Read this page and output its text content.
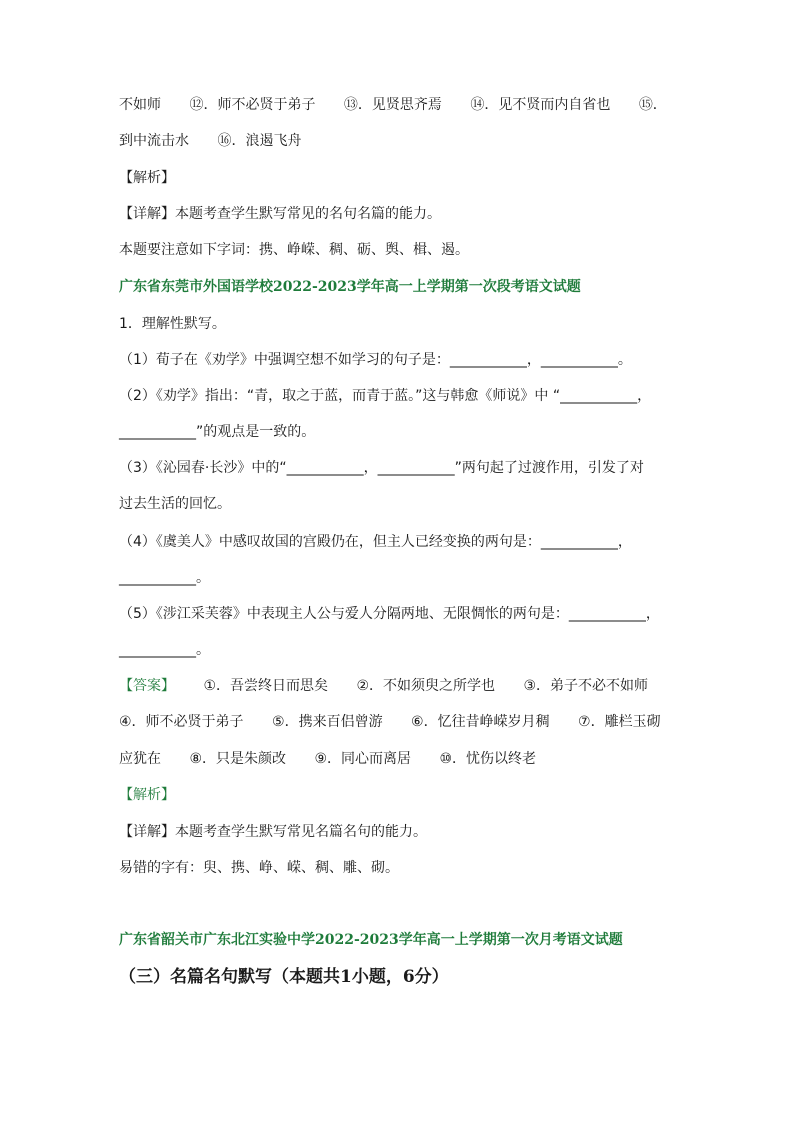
不如师 ⑫．师不必贤于弟子 ⑬．见贤思齐焉 ⑭．见不贤而内自省也 ⑮．
到中流击水 ⑯．浪遏飞舟
【解析】
【详解】本题考查学生默写常见的名句名篇的能力。
本题要注意如下字词：携、峥嵘、稠、砺、舆、楫、遏。
广东省东莞市外国语学校2022-2023学年高一上学期第一次段考语文试题
1．理解性默写。
（1）荀子在《劝学》中强调空想不如学习的句子是：___________，___________。
（2）《劝学》指出：“青，取之于蓝，而青于蓝。”这与韩愈《师说》中 “___________，
___________”的观点是一致的。
（3）《沁园春·长沙》中的“___________，___________”两句起了过渡作用，引发了对
过去生活的回忆。
（4）《虞美人》中感叹故国的宫殿仍在，但主人已经变换的两句是：___________，
___________。
（5）《涉江采芙蓉》中表现主人公与爱人分隔两地、无限惆怅的两句是：___________，
___________。
【答案】 ①．吾尝终日而思矣 ②．不如须臾之所学也 ③．弟子不必不如师
④．师不必贤于弟子 ⑤．携来百侣曾游 ⑥．忆往昔峥嵘岁月稠 ⑦．雕栏玉砌
应犹在 ⑧．只是朱颜改 ⑨．同心而离居 ⑩．忧伤以终老
【解析】
【详解】本题考查学生默写常见名篇名句的能力。
易错的字有：臾、携、峥、嵘、稠、雕、砌。
广东省韶关市广东北江实验中学2022-2023学年高一上学期第一次月考语文试题
（三）名篇名句默写（本题共1小题，6分）
